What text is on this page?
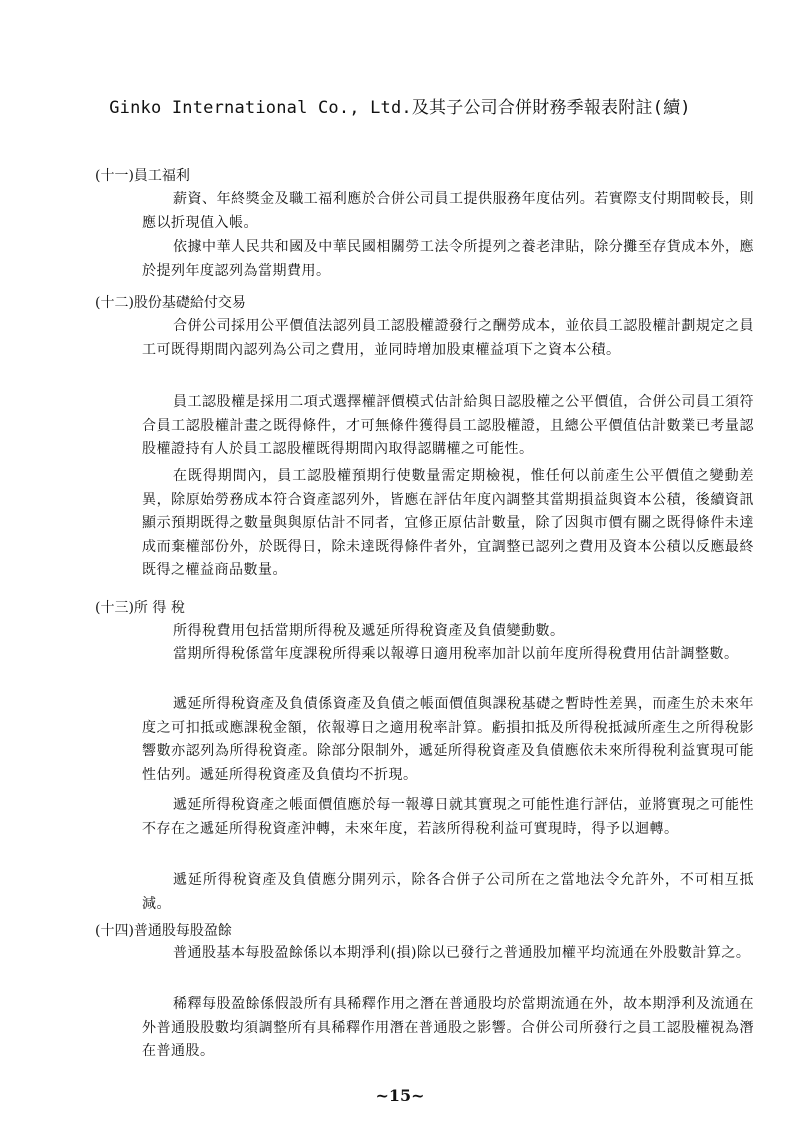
Ginko International Co., Ltd.及其子公司合併財務季報表附註(續)
(十一)員工福利
薪資、年終獎金及職工福利應於合併公司員工提供服務年度估列。若實際支付期間較長，則應以折現值入帳。
依據中華人民共和國及中華民國相關勞工法令所提列之養老津貼，除分攤至存貨成本外，應於提列年度認列為當期費用。
(十二)股份基礎給付交易
合併公司採用公平價值法認列員工認股權證發行之酬勞成本，並依員工認股權計劃規定之員工可既得期間內認列為公司之費用，並同時增加股東權益項下之資本公積。
員工認股權是採用二項式選擇權評價模式估計給與日認股權之公平價值，合併公司員工須符合員工認股權計畫之既得條件，才可無條件獲得員工認股權證，且總公平價值估計數業已考量認股權證持有人於員工認股權既得期間內取得認購權之可能性。
在既得期間內，員工認股權預期行使數量需定期檢視，惟任何以前產生公平價值之變動差異，除原始勞務成本符合資產認列外，皆應在評估年度內調整其當期損益與資本公積，後續資訊顯示預期既得之數量與與原估計不同者，宜修正原估計數量，除了因與市價有關之既得條件未達成而棄權部份外，於既得日，除未達既得條件者外，宜調整已認列之費用及資本公積以反應最終既得之權益商品數量。
(十三)所 得 稅
所得稅費用包括當期所得稅及遞延所得稅資產及負債變動數。
當期所得稅係當年度課稅所得乘以報導日適用稅率加計以前年度所得稅費用估計調整數。
遞延所得稅資產及負債係資產及負債之帳面價值與課稅基礎之暫時性差異，而產生於未來年度之可扣抵或應課稅金額，依報導日之適用稅率計算。虧損扣抵及所得稅抵減所產生之所得稅影響數亦認列為所得稅資產。除部分限制外，遞延所得稅資產及負債應依未來所得稅利益實現可能性估列。遞延所得稅資產及負債均不折現。
遞延所得稅資產之帳面價值應於每一報導日就其實現之可能性進行評估，並將實現之可能性不存在之遞延所得稅資產沖轉，未來年度，若該所得稅利益可實現時，得予以迴轉。
遞延所得稅資產及負債應分開列示，除各合併子公司所在之當地法令允許外，不可相互抵減。
(十四)普通股每股盈餘
普通股基本每股盈餘係以本期淨利(損)除以已發行之普通股加權平均流通在外股數計算之。
稀釋每股盈餘係假設所有具稀釋作用之潛在普通股均於當期流通在外，故本期淨利及流通在外普通股股數均須調整所有具稀釋作用潛在普通股之影響。合併公司所發行之員工認股權視為潛在普通股。
~15~
